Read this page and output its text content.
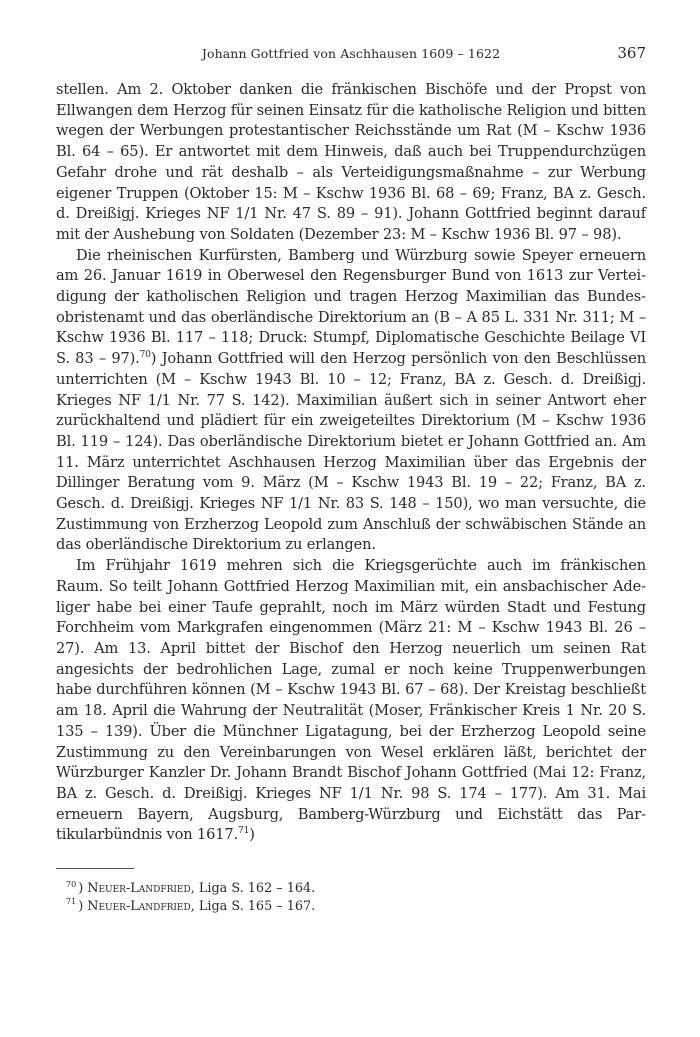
Johann Gottfried von Aschhausen 1609 – 1622	367

stellen. Am 2. Oktober danken die fränkischen Bischöfe und der Propst von Ellwangen dem Herzog für seinen Einsatz für die katholische Religion und bitten wegen der Werbungen protestantischer Reichsstände um Rat (M – Kschw 1936 Bl. 64 – 65). Er antwortet mit dem Hinweis, daß auch bei Truppendurchzügen Gefahr drohe und rät deshalb – als Verteidigungsmaßnahme – zur Werbung eigener Truppen (Oktober 15: M – Kschw 1936 Bl. 68 – 69; Franz, BA z. Gesch. d. Dreißigj. Krieges NF 1/1 Nr. 47 S. 89 – 91). Johann Gottfried beginnt darauf mit der Aushebung von Soldaten (Dezember 23: M – Kschw 1936 Bl. 97 – 98).

Die rheinischen Kurfürsten, Bamberg und Würzburg sowie Speyer erneuern am 26. Januar 1619 in Oberwesel den Regensburger Bund von 1613 zur Verteidigung der katholischen Religion und tragen Herzog Maximilian das Bundesobristenamt und das oberländische Direktorium an (B – A 85 L. 331 Nr. 311; M – Kschw 1936 Bl. 117 – 118; Druck: Stumpf, Diplomatische Geschichte Beilage VI S. 83 – 97).$^{70}$) Johann Gottfried will den Herzog persönlich von den Beschlüssen unterrichten (M – Kschw 1943 Bl. 10 – 12; Franz, BA z. Gesch. d. Dreißigj. Krieges NF 1/1 Nr. 77 S. 142). Maximilian äußert sich in seiner Antwort eher zurückhaltend und plädiert für ein zweigeteiltes Direktorium (M – Kschw 1936 Bl. 119 – 124). Das oberländische Direktorium bietet er Johann Gottfried an. Am 11. März unterrichtet Aschhausen Herzog Maximilian über das Ergebnis der Dillinger Beratung vom 9. März (M – Kschw 1943 Bl. 19 – 22; Franz, BA z. Gesch. d. Dreißigj. Krieges NF 1/1 Nr. 83 S. 148 – 150), wo man versuchte, die Zustimmung von Erzherzog Leopold zum Anschluß der schwäbischen Stände an das oberländische Direktorium zu erlangen.

Im Frühjahr 1619 mehren sich die Kriegsgerüchte auch im fränkischen Raum. So teilt Johann Gottfried Herzog Maximilian mit, ein ansbachischer Adeliger habe bei einer Taufe geprahlt, noch im März würden Stadt und Festung Forchheim vom Markgrafen eingenommen (März 21: M – Kschw 1943 Bl. 26 – 27). Am 13. April bittet der Bischof den Herzog neuerlich um seinen Rat angesichts der bedrohlichen Lage, zumal er noch keine Truppenwerbungen habe durchführen können (M – Kschw 1943 Bl. 67 – 68). Der Kreistag beschließt am 18. April die Wahrung der Neutralität (Moser, Fränkischer Kreis 1 Nr. 20 S. 135 – 139). Über die Münchner Ligatagung, bei der Erzherzog Leopold seine Zustimmung zu den Vereinbarungen von Wesel erklären läßt, berichtet der Würzburger Kanzler Dr. Johann Brandt Bischof Johann Gottfried (Mai 12: Franz, BA z. Gesch. d. Dreißigj. Krieges NF 1/1 Nr. 98 S. 174 – 177). Am 31. Mai erneuern Bayern, Augsburg, Bamberg-Würzburg und Eichstätt das Partikularbündnis von 1617.71)

$^{70}$ ) Neuer-Landfried, Liga S. 162 – 164.

$^{71}$ ) Neuer-Landfried, Liga S. 165 – 167.
